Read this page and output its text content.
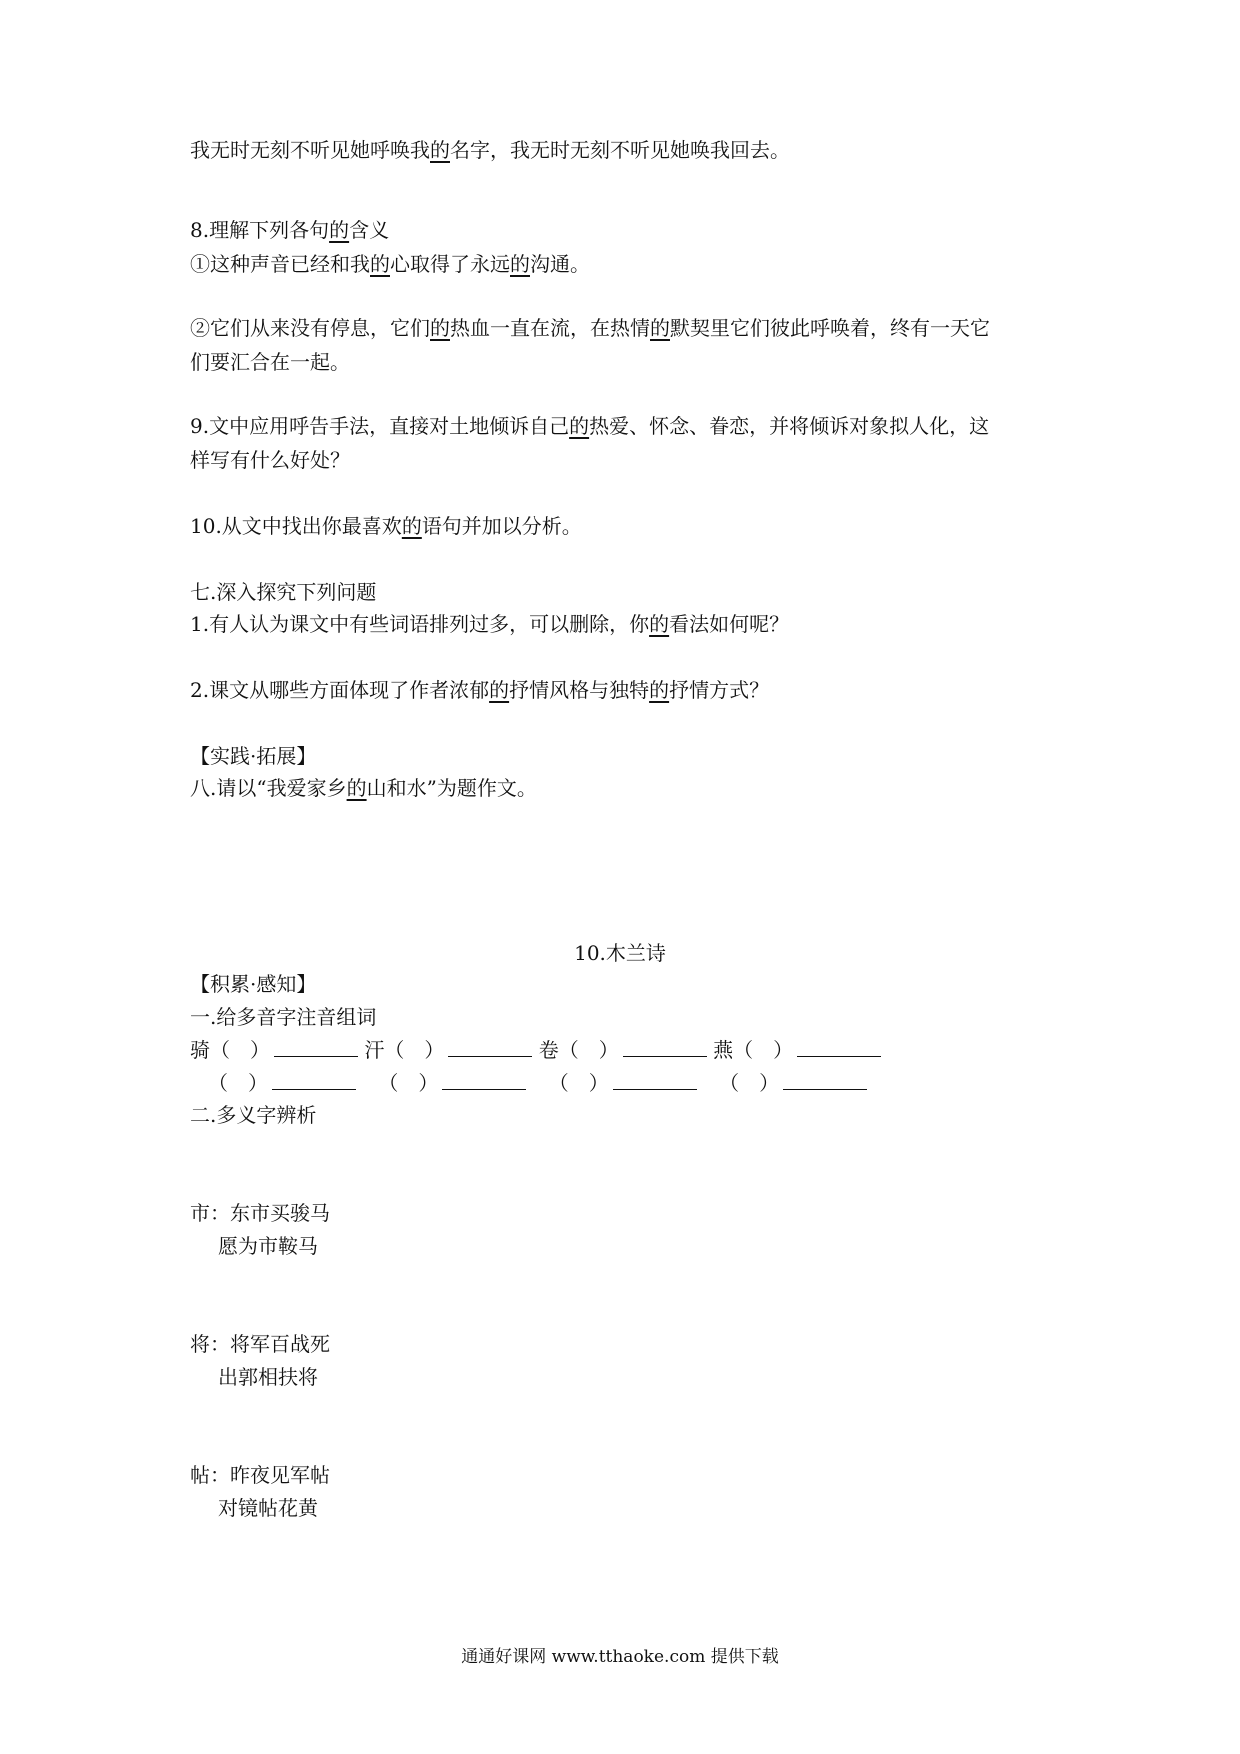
我无时无刻不听见她呼唤我的名字，我无时无刻不听见她唤我回去。
8.理解下列各句的含义
①这种声音已经和我的心取得了永远的沟通。
②它们从来没有停息，它们的热血一直在流，在热情的默契里它们彼此呼唤着，终有一天它
们要汇合在一起。
9.文中应用呼告手法，直接对土地倾诉自己的热爱、怀念、眷恋，并将倾诉对象拟人化，这
样写有什么好处？
10.从文中找出你最喜欢的语句并加以分析。
七.深入探究下列问题
1.有人认为课文中有些词语排列过多，可以删除，你的看法如何呢？
2.课文从哪些方面体现了作者浓郁的抒情风格与独特的抒情方式？
【实践·拓展】
八.请以“我爱家乡的山和水”为题作文。
10.木兰诗
【积累·感知】
一.给多音字注音组词
骑（　）	汗（　）	卷（　）	燕（　）
（　）	（　）	（　）	（　）
二.多义字辨析
市：东市买骏马
愿为市鞍马
将：将军百战死
出郭相扶将
帖：昨夜见军帖
对镜帖花黄
通通好课网 www.tthaoke.com 提供下载
